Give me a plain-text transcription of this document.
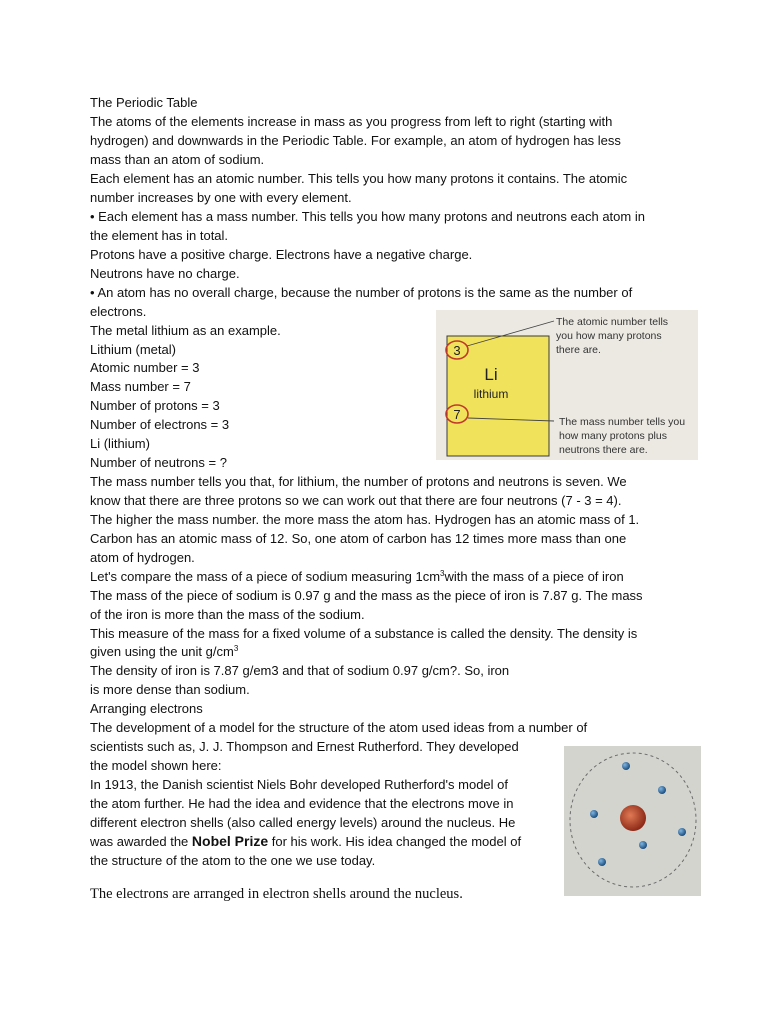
The Periodic Table
The atoms of the elements increase in mass as you progress from left to right (starting with
hydrogen) and downwards in the Periodic Table. For example, an atom of hydrogen has less
mass than an atom of sodium.
Each element has an atomic number. This tells you how many protons it contains. The atomic
number increases by one with every element.
• Each element has a mass number. This tells you how many protons and neutrons each atom in
the element has in total.
Protons have a positive charge. Electrons have a negative charge.
Neutrons have no charge.
• An atom has no overall charge, because the number of protons is the same as the number of
electrons.
The metal lithium as an example.
Lithium (metal)
Atomic number = 3
Mass number = 7
Number of protons = 3
Number of electrons = 3
Li (lithium)
Number of neutrons = ?
The mass number tells you that, for lithium, the number of protons and neutrons is seven. We
know that there are three protons so we can work out that there are four neutrons (7 - 3 = 4).
The higher the mass number. the more mass the atom has. Hydrogen has an atomic mass of 1.
Carbon has an atomic mass of 12. So, one atom of carbon has 12 times more mass than one
atom of hydrogen.
Let's compare the mass of a piece of sodium measuring $1cm^3with$ the mass of a piece of iron
The mass of the piece of sodium is 0.97 g and the mass as the piece of iron is 7.87 g. The mass
of the iron is more than the mass of the sodium.
This measure of the mass for a fixed volume of a substance is called the density. The density is
given using the unit $g/cm^3$
The density of iron is 7.87 g/em3 and that of sodium 0.97 g/cm?. So, iron
is more dense than sodium.
Arranging electrons
The development of a model for the structure of the atom used ideas from a number of
scientists such as, J. J. Thompson and Ernest Rutherford. They developed
the model shown here:
In 1913, the Danish scientist Niels Bohr developed Rutherford's model of
the atom further. He had the idea and evidence that the electrons move in
different electron shells (also called energy levels) around the nucleus. He
was awarded the Nobel Prize for his work. His idea changed the model of
the structure of the atom to the one we use today.
The electrons are arranged in electron shells around the nucleus.
3
Li
lithium
7
The atomic number tells you how many protons there are.
The mass number tells you how many protons plus neutrons there are.
